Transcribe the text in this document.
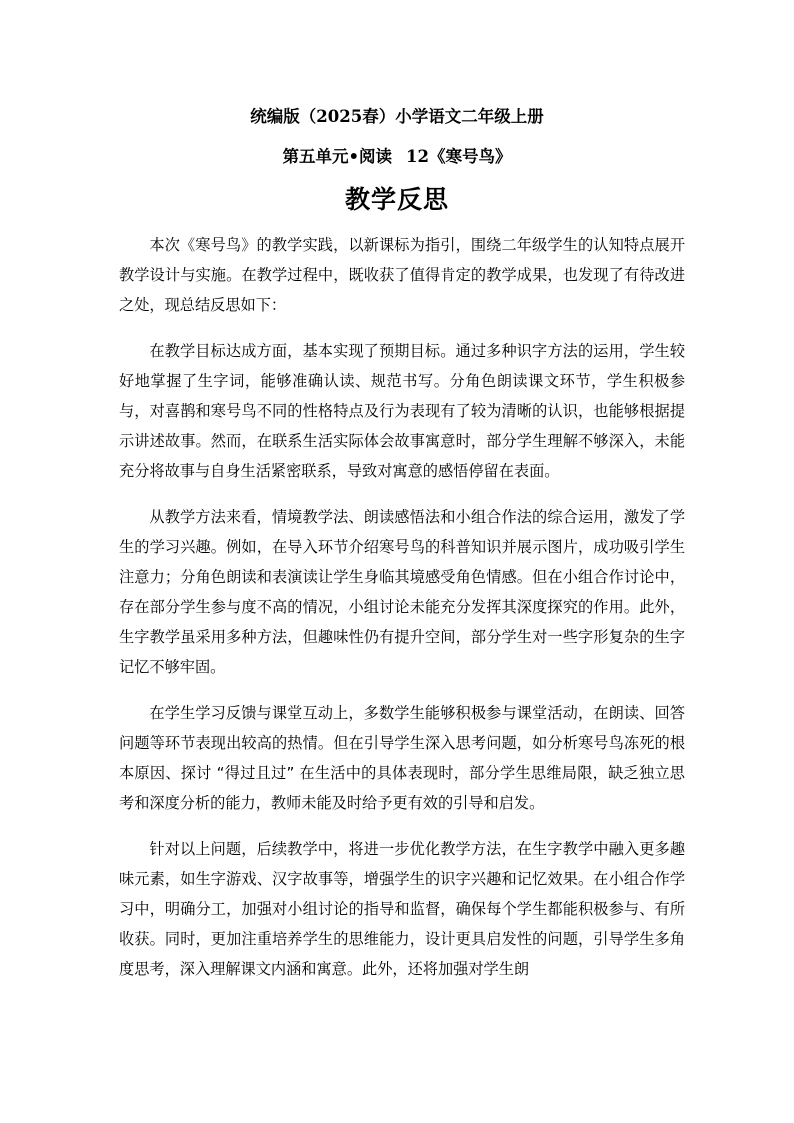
统编版（2025春）小学语文二年级上册
第五单元•阅读 12《寒号鸟》
教学反思

本次《寒号鸟》的教学实践，以新课标为指引，围绕二年级学生的认知特点展开教学设计与实施。在教学过程中，既收获了值得肯定的教学成果，也发现了有待改进之处，现总结反思如下：

在教学目标达成方面，基本实现了预期目标。通过多种识字方法的运用，学生较好地掌握了生字词，能够准确认读、规范书写。分角色朗读课文环节，学生积极参与，对喜鹊和寒号鸟不同的性格特点及行为表现有了较为清晰的认识，也能够根据提示讲述故事。然而，在联系生活实际体会故事寓意时，部分学生理解不够深入，未能充分将故事与自身生活紧密联系，导致对寓意的感悟停留在表面。

从教学方法来看，情境教学法、朗读感悟法和小组合作法的综合运用，激发了学生的学习兴趣。例如，在导入环节介绍寒号鸟的科普知识并展示图片，成功吸引学生注意力；分角色朗读和表演读让学生身临其境感受角色情感。但在小组合作讨论中，存在部分学生参与度不高的情况，小组讨论未能充分发挥其深度探究的作用。此外，生字教学虽采用多种方法，但趣味性仍有提升空间，部分学生对一些字形复杂的生字记忆不够牢固。

在学生学习反馈与课堂互动上，多数学生能够积极参与课堂活动，在朗读、回答问题等环节表现出较高的热情。但在引导学生深入思考问题，如分析寒号鸟冻死的根本原因、探讨 “得过且过” 在生活中的具体表现时，部分学生思维局限，缺乏独立思考和深度分析的能力，教师未能及时给予更有效的引导和启发。

针对以上问题，后续教学中，将进一步优化教学方法，在生字教学中融入更多趣味元素，如生字游戏、汉字故事等，增强学生的识字兴趣和记忆效果。在小组合作学习中，明确分工，加强对小组讨论的指导和监督，确保每个学生都能积极参与、有所收获。同时，更加注重培养学生的思维能力，设计更具启发性的问题，引导学生多角度思考，深入理解课文内涵和寓意。此外，还将加强对学生朗
